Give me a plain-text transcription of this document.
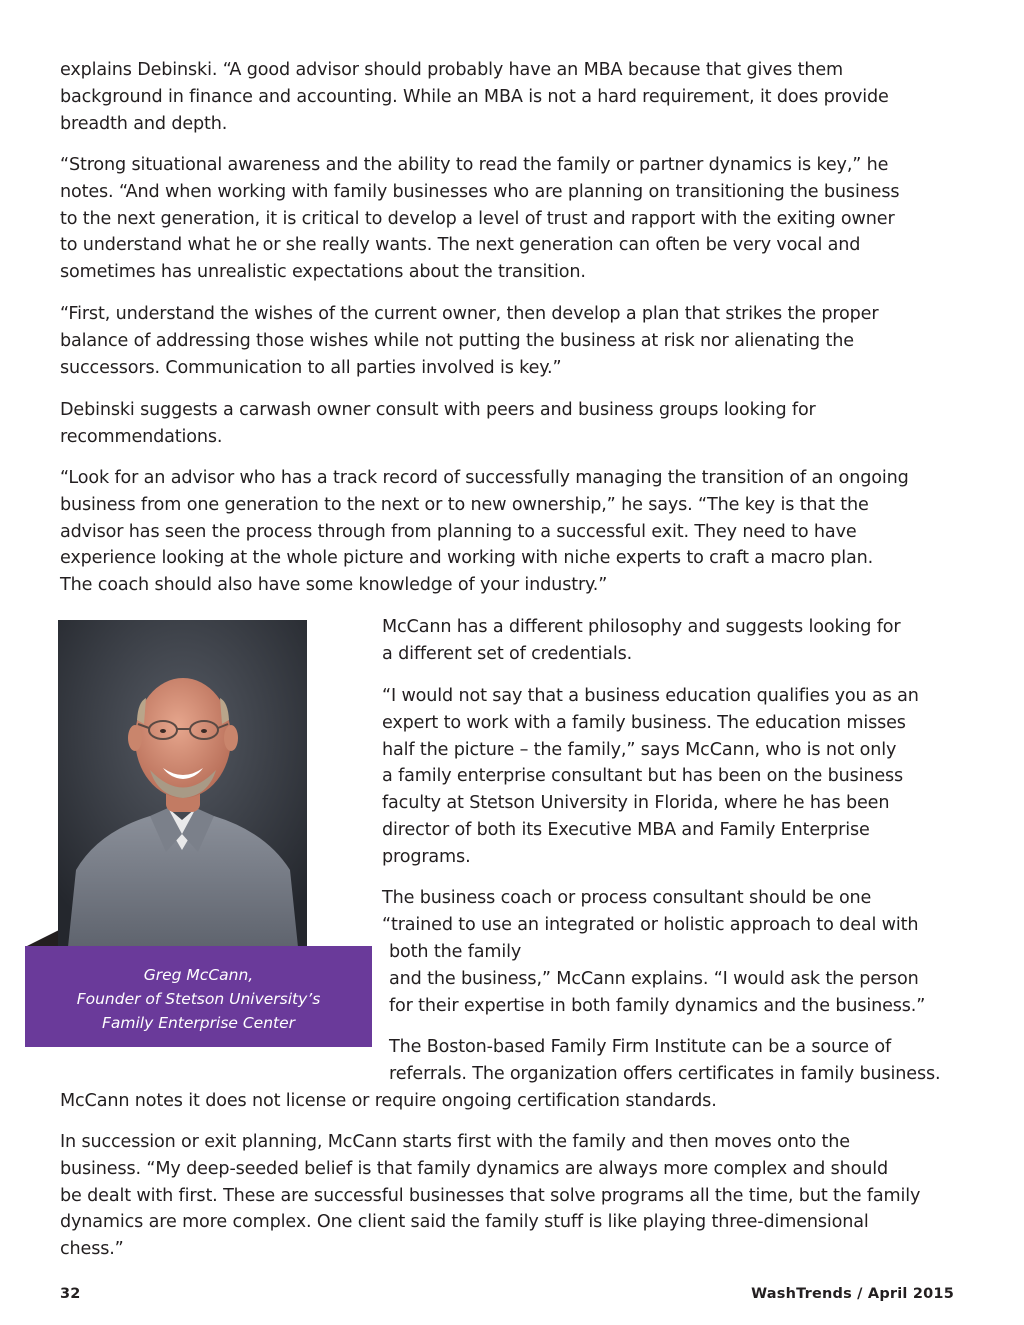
explains Debinski. “A good advisor should probably have an MBA because that gives them
background in finance and accounting. While an MBA is not a hard requirement, it does provide
breadth and depth.

“Strong situational awareness and the ability to read the family or partner dynamics is key,” he
notes. “And when working with family businesses who are planning on transitioning the business
to the next generation, it is critical to develop a level of trust and rapport with the exiting owner
to understand what he or she really wants. The next generation can often be very vocal and
sometimes has unrealistic expectations about the transition.

“First, understand the wishes of the current owner, then develop a plan that strikes the proper
balance of addressing those wishes while not putting the business at risk nor alienating the
successors. Communication to all parties involved is key.”

Debinski suggests a carwash owner consult with peers and business groups looking for
recommendations.

“Look for an advisor who has a track record of successfully managing the transition of an ongoing
business from one generation to the next or to new ownership,” he says. “The key is that the
advisor has seen the process through from planning to a successful exit. They need to have
experience looking at the whole picture and working with niche experts to craft a macro plan.
The coach should also have some knowledge of your industry.”

Greg McCann,
Founder of Stetson University’s
Family Enterprise Center

McCann has a different philosophy and suggests looking for
a different set of credentials.

“I would not say that a business education qualifies you as an
expert to work with a family business. The education misses
half the picture – the family,” says McCann, who is not only
a family enterprise consultant but has been on the business
faculty at Stetson University in Florida, where he has been
director of both its Executive MBA and Family Enterprise
programs.

The business coach or process consultant should be one
“trained to use an integrated or holistic approach to deal with

both the family
and the business,” McCann explains. “I would ask the person
for their expertise in both family dynamics and the business.”

The Boston-based Family Firm Institute can be a source of
referrals. The organization offers certificates in family business.

McCann notes it does not license or require ongoing certification standards.

In succession or exit planning, McCann starts first with the family and then moves onto the
business. “My deep-seeded belief is that family dynamics are always more complex and should
be dealt with first. These are successful businesses that solve programs all the time, but the family
dynamics are more complex. One client said the family stuff is like playing three-dimensional
chess.”

32	WashTrends / April 2015
